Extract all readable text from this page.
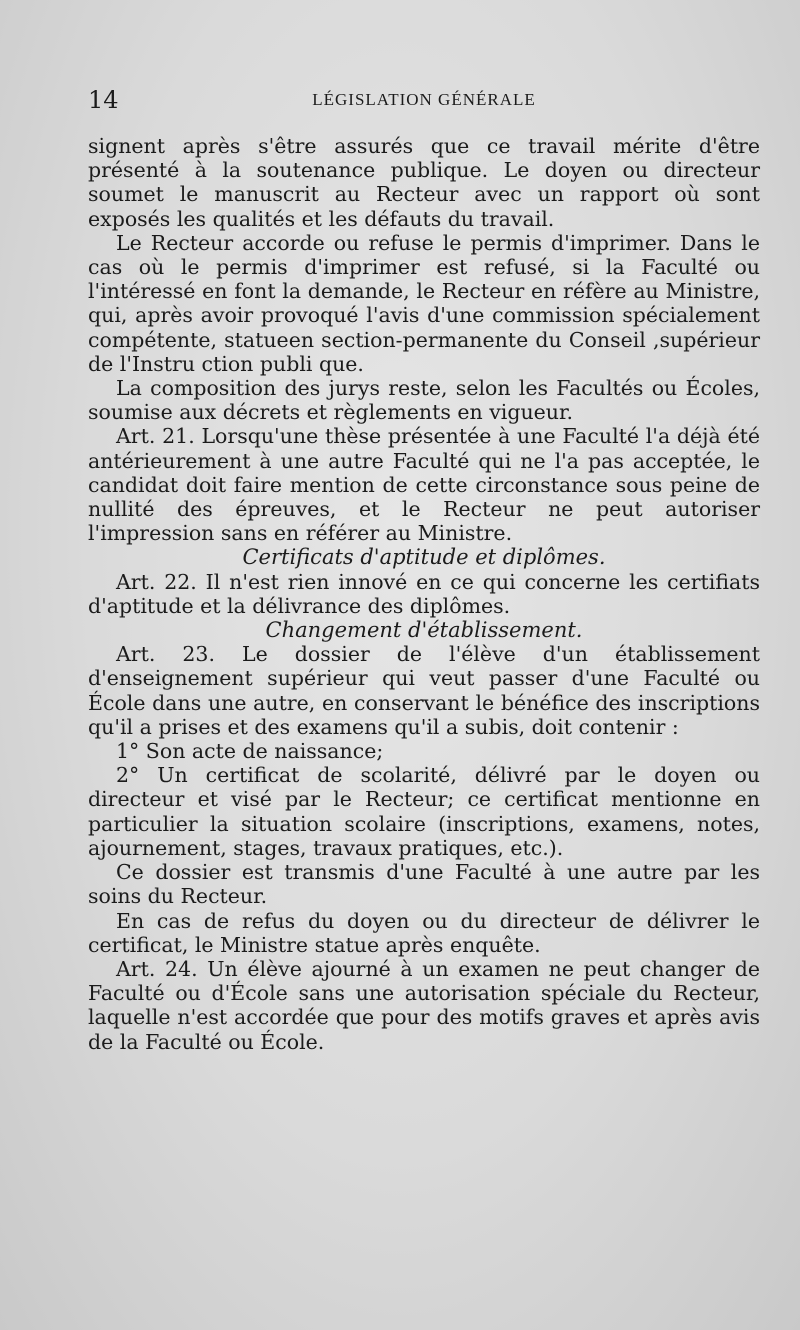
14	LÉGISLATION GÉNÉRALE

signent après s'être assurés que ce travail mérite d'être présenté à la soutenance publique. Le doyen ou directeur soumet le manuscrit au Recteur avec un rapport où sont exposés les qualités et les défauts du travail.

Le Recteur accorde ou refuse le permis d'imprimer. Dans le cas où le permis d'imprimer est refusé, si la Faculté ou l'intéressé en font la demande, le Recteur en réfère au Ministre, qui, après avoir provoqué l'avis d'une commission spécialement compétente, statueen section-permanente du Conseil ,supérieur de l'Instru ction publi que.

La composition des jurys reste, selon les Facultés ou Écoles, soumise aux décrets et règlements en vigueur.

Art. 21. Lorsqu'une thèse présentée à une Faculté l'a déjà été antérieurement à une autre Faculté qui ne l'a pas acceptée, le candidat doit faire mention de cette circonstance sous peine de nullité des épreuves, et le Recteur ne peut autoriser l'impression sans en référer au Ministre.

Certificats d'aptitude et diplômes.

Art. 22. Il n'est rien innové en ce qui concerne les certifiats d'aptitude et la délivrance des diplômes.

Changement d'établissement.

Art. 23. Le dossier de l'élève d'un établissement d'enseignement supérieur qui veut passer d'une Faculté ou École dans une autre, en conservant le bénéfice des inscriptions qu'il a prises et des examens qu'il a subis, doit contenir :

1° Son acte de naissance;

2° Un certificat de scolarité, délivré par le doyen ou directeur et visé par le Recteur; ce certificat mentionne en particulier la situation scolaire (inscriptions, examens, notes, ajournement, stages, travaux pratiques, etc.).

Ce dossier est transmis d'une Faculté à une autre par les soins du Recteur.

En cas de refus du doyen ou du directeur de délivrer le certificat, le Ministre statue après enquête.

Art. 24. Un élève ajourné à un examen ne peut changer de Faculté ou d'École sans une autorisation spéciale du Recteur, laquelle n'est accordée que pour des motifs graves et après avis de la Faculté ou École.
